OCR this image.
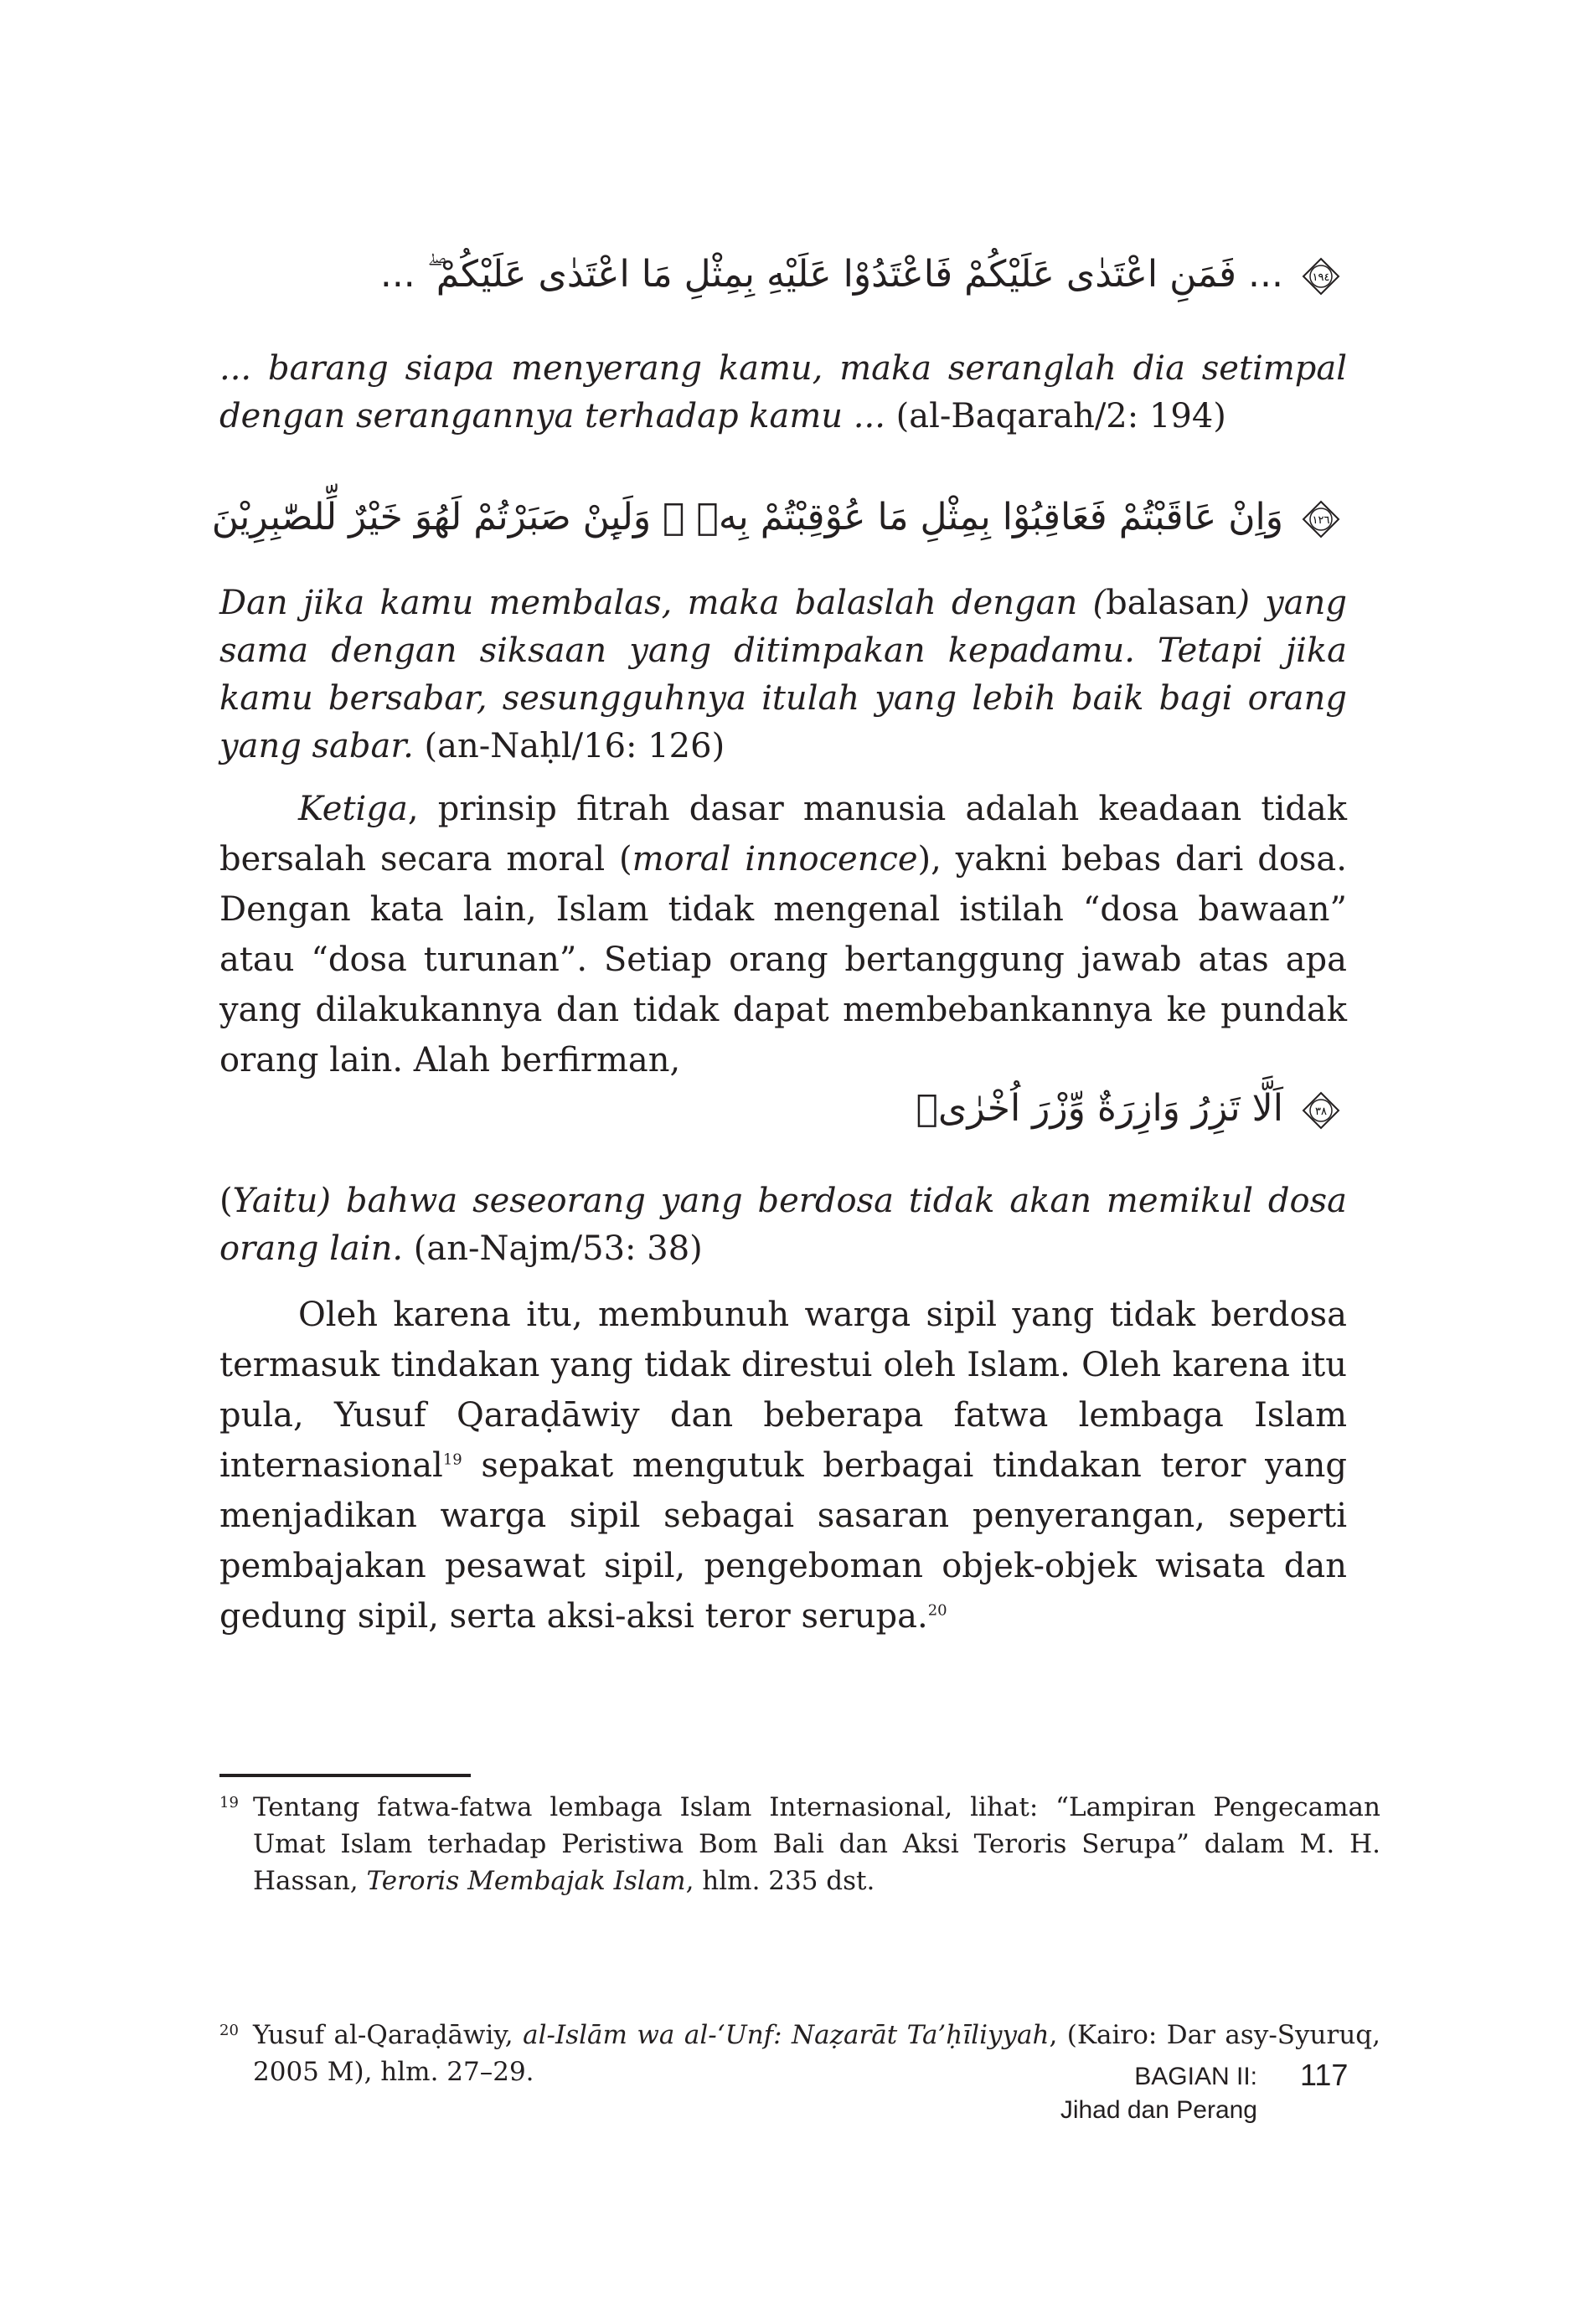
١٩٤
... فَمَنِ اعْتَدٰى عَلَيْكُمْ فَاعْتَدُوْا عَلَيْهِ بِمِثْلِ مَا اعْتَدٰى عَلَيْكُمْ ۖ ...

... barang siapa menyerang kamu, maka seranglah dia setimpal dengan serangannya terhadap kamu ... (al-Baqarah/2: 194)

١٢٦
وَاِنْ عَاقَبْتُمْ فَعَاقِبُوْا بِمِثْلِ مَا عُوْقِبْتُمْ بِهٖ ۗ وَلَىِٕنْ صَبَرْتُمْ لَهُوَ خَيْرٌ لِّلصّٰبِرِيْنَ

Dan jika kamu membalas, maka balaslah dengan (balasan) yang sama dengan siksaan yang ditimpakan kepadamu. Tetapi jika kamu bersabar, sesungguhnya itulah yang lebih baik bagi orang yang sabar. (an-Naḥl/16: 126)

Ketiga, prinsip fitrah dasar manusia adalah keadaan tidak bersalah secara moral (moral innocence), yakni bebas dari dosa. Dengan kata lain, Islam tidak mengenal istilah “dosa bawaan” atau “dosa turunan”. Setiap orang bertanggung jawab atas apa yang dilakukannya dan tidak dapat membebankannya ke pundak orang lain. Alah berfirman,

٣٨
اَلَّا تَزِرُ وَازِرَةٌ وِّزْرَ اُخْرٰىۙ

(Yaitu) bahwa seseorang yang berdosa tidak akan memikul dosa orang lain. (an-Najm/53: 38)

Oleh karena itu, membunuh warga sipil yang tidak berdosa termasuk tindakan yang tidak direstui oleh Islam. Oleh karena itu pula, Yusuf Qaraḍāwiy dan beberapa fatwa lembaga Islam internasional$^{19}$ sepakat mengutuk berbagai tindakan teror yang menjadikan warga sipil sebagai sasaran penyerangan, seperti pembajakan pesawat sipil, pengeboman objek-objek wisata dan gedung sipil, serta aksi-aksi teror serupa.$^{20}$

19 Tentang fatwa-fatwa lembaga Islam Internasional, lihat: “Lampiran Pengecaman Umat Islam terhadap Peristiwa Bom Bali dan Aksi Teroris Serupa” dalam M. H. Hassan, Teroris Membajak Islam, hlm. 235 dst.

20 Yusuf al-Qaraḍāwiy, al-Islām wa al-‘Unf: Naẓarāt Ta’ḥīliyyah, (Kairo: Dar asy-Syuruq, 2005 M), hlm. 27–29.	BAGIAN II:
Jihad dan Perang
117
